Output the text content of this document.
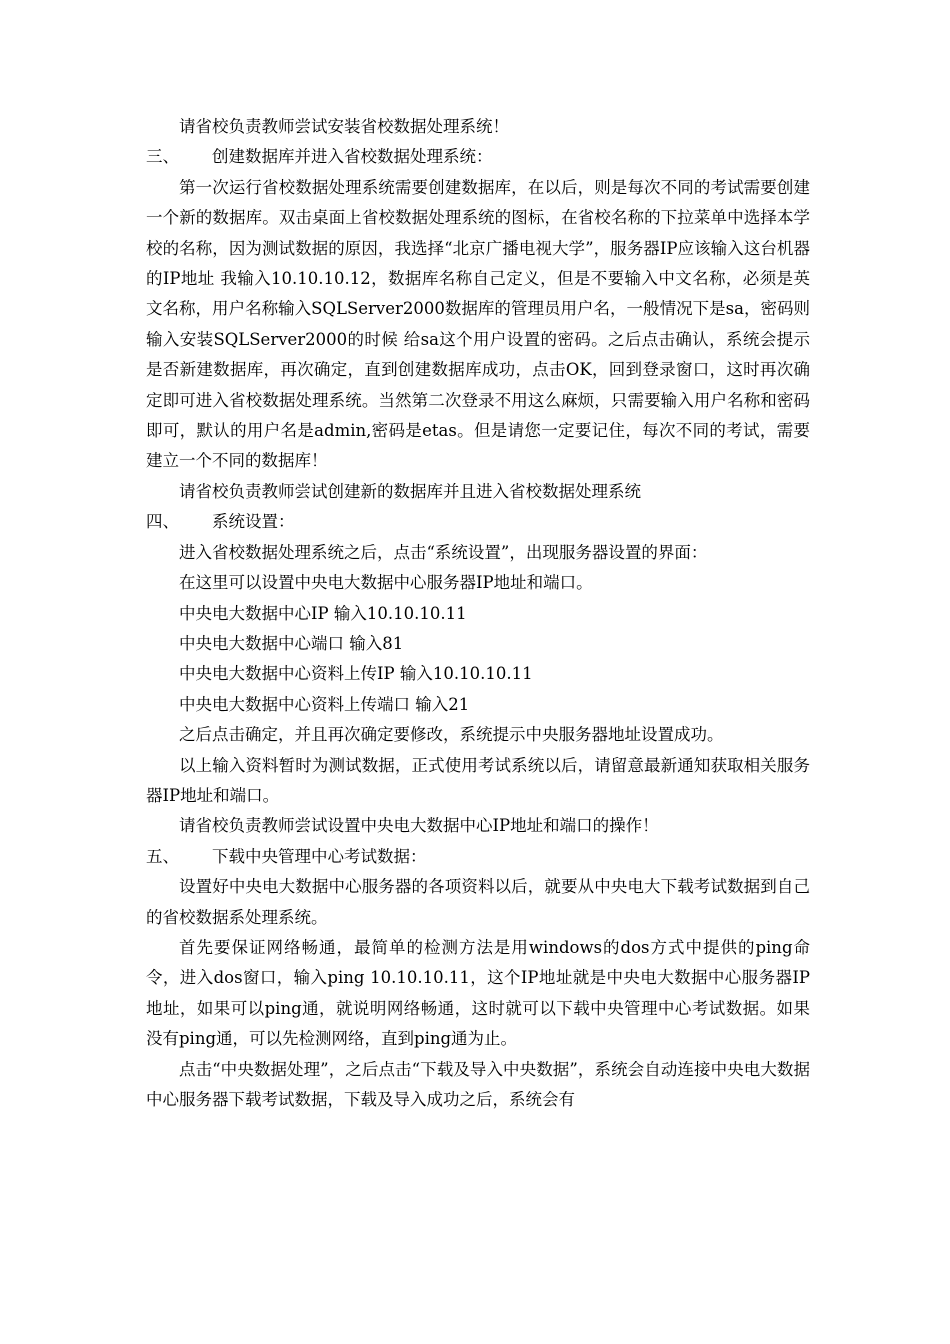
请省校负责教师尝试安装省校数据处理系统！

三、	创建数据库并进入省校数据处理系统：

第一次运行省校数据处理系统需要创建数据库，在以后，则是每次不同的考试需要创建一个新的数据库。双击桌面上省校数据处理系统的图标，在省校名称的下拉菜单中选择本学校的名称，因为测试数据的原因，我选择“北京广播电视大学”，服务器IP应该输入这台机器的IP地址 我输入10.10.10.12，数据库名称自己定义，但是不要输入中文名称，必须是英文名称，用户名称输入SQLServer2000数据库的管理员用户名，一般情况下是sa，密码则输入安装SQLServer2000的时候 给sa这个用户设置的密码。之后点击确认，系统会提示是否新建数据库，再次确定，直到创建数据库成功，点击OK，回到登录窗口，这时再次确定即可进入省校数据处理系统。当然第二次登录不用这么麻烦，只需要输入用户名称和密码即可，默认的用户名是admin,密码是etas。但是请您一定要记住，每次不同的考试，需要建立一个不同的数据库！

请省校负责教师尝试创建新的数据库并且进入省校数据处理系统

四、	系统设置：

进入省校数据处理系统之后，点击“系统设置”，出现服务器设置的界面：

在这里可以设置中央电大数据中心服务器IP地址和端口。

中央电大数据中心IP 输入10.10.10.11

中央电大数据中心端口 输入81

中央电大数据中心资料上传IP 输入10.10.10.11

中央电大数据中心资料上传端口 输入21

之后点击确定，并且再次确定要修改，系统提示中央服务器地址设置成功。

以上输入资料暂时为测试数据，正式使用考试系统以后，请留意最新通知获取相关服务器IP地址和端口。

请省校负责教师尝试设置中央电大数据中心IP地址和端口的操作！

五、	下载中央管理中心考试数据：

设置好中央电大数据中心服务器的各项资料以后，就要从中央电大下载考试数据到自己的省校数据系处理系统。

首先要保证网络畅通，最简单的检测方法是用windows的dos方式中提供的ping命令，进入dos窗口，输入ping 10.10.10.11，这个IP地址就是中央电大数据中心服务器IP地址，如果可以ping通，就说明网络畅通，这时就可以下载中央管理中心考试数据。如果没有ping通，可以先检测网络，直到ping通为止。

点击“中央数据处理”，之后点击“下载及导入中央数据”，系统会自动连接中央电大数据中心服务器下载考试数据，下载及导入成功之后，系统会有
